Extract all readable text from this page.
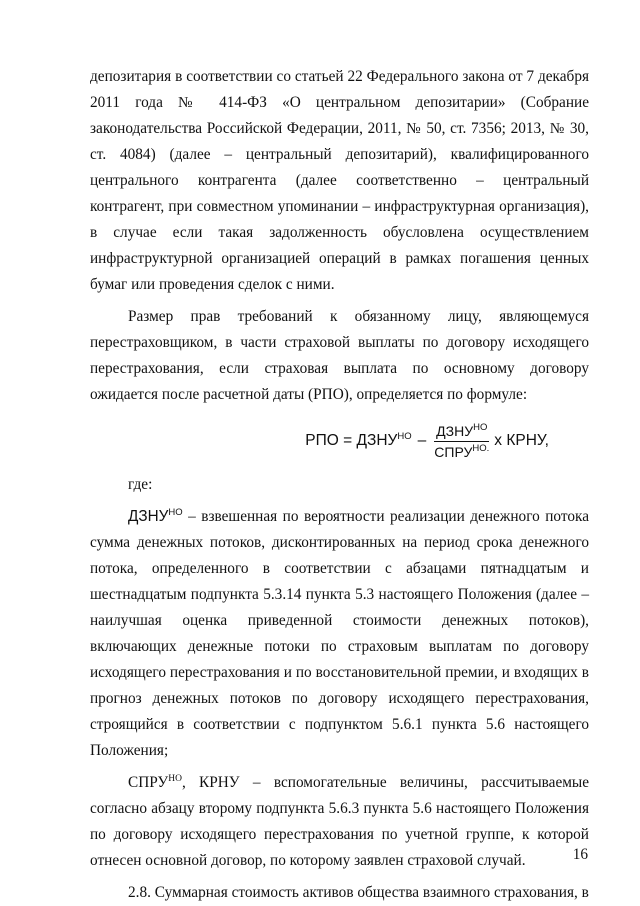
депозитария в соответствии со статьей 22 Федерального закона от 7 декабря 2011 года № 414-ФЗ «О центральном депозитарии» (Собрание законодательства Российской Федерации, 2011, № 50, ст. 7356; 2013, № 30, ст. 4084) (далее – центральный депозитарий), квалифицированного центрального контрагента (далее соответственно – центральный контрагент, при совместном упоминании – инфраструктурная организация), в случае если такая задолженность обусловлена осуществлением инфраструктурной организацией операций в рамках погашения ценных бумаг или проведения сделок с ними.

Размер прав требований к обязанному лицу, являющемуся перестраховщиком, в части страховой выплаты по договору исходящего перестрахования, если страховая выплата по основному договору ожидается после расчетной даты (РПО), определяется по формуле:

РПО = $ДЗНУ^{НО} - \frac{ДЗНУ^{НО}}{СПРУ^{НО.}}$ x КРНУ,

где:

$ДЗНУ^{НО}$ – взвешенная по вероятности реализации денежного потока сумма денежных потоков, дисконтированных на период срока денежного потока, определенного в соответствии с абзацами пятнадцатым и шестнадцатым подпункта 5.3.14 пункта 5.3 настоящего Положения (далее – наилучшая оценка приведенной стоимости денежных потоков), включающих денежные потоки по страховым выплатам по договору исходящего перестрахования и по восстановительной премии, и входящих в прогноз денежных потоков по договору исходящего перестрахования, строящийся в соответствии с подпунктом 5.6.1 пункта 5.6 настоящего Положения;

$СПРУ^{НО}$, КРНУ – вспомогательные величины, рассчитываемые согласно абзацу второму подпункта 5.6.3 пункта 5.6 настоящего Положения по договору исходящего перестрахования по учетной группе, к которой отнесен основной договор, по которому заявлен страховой случай.

2.8. Суммарная стоимость активов общества взаимного страхования, в

16
